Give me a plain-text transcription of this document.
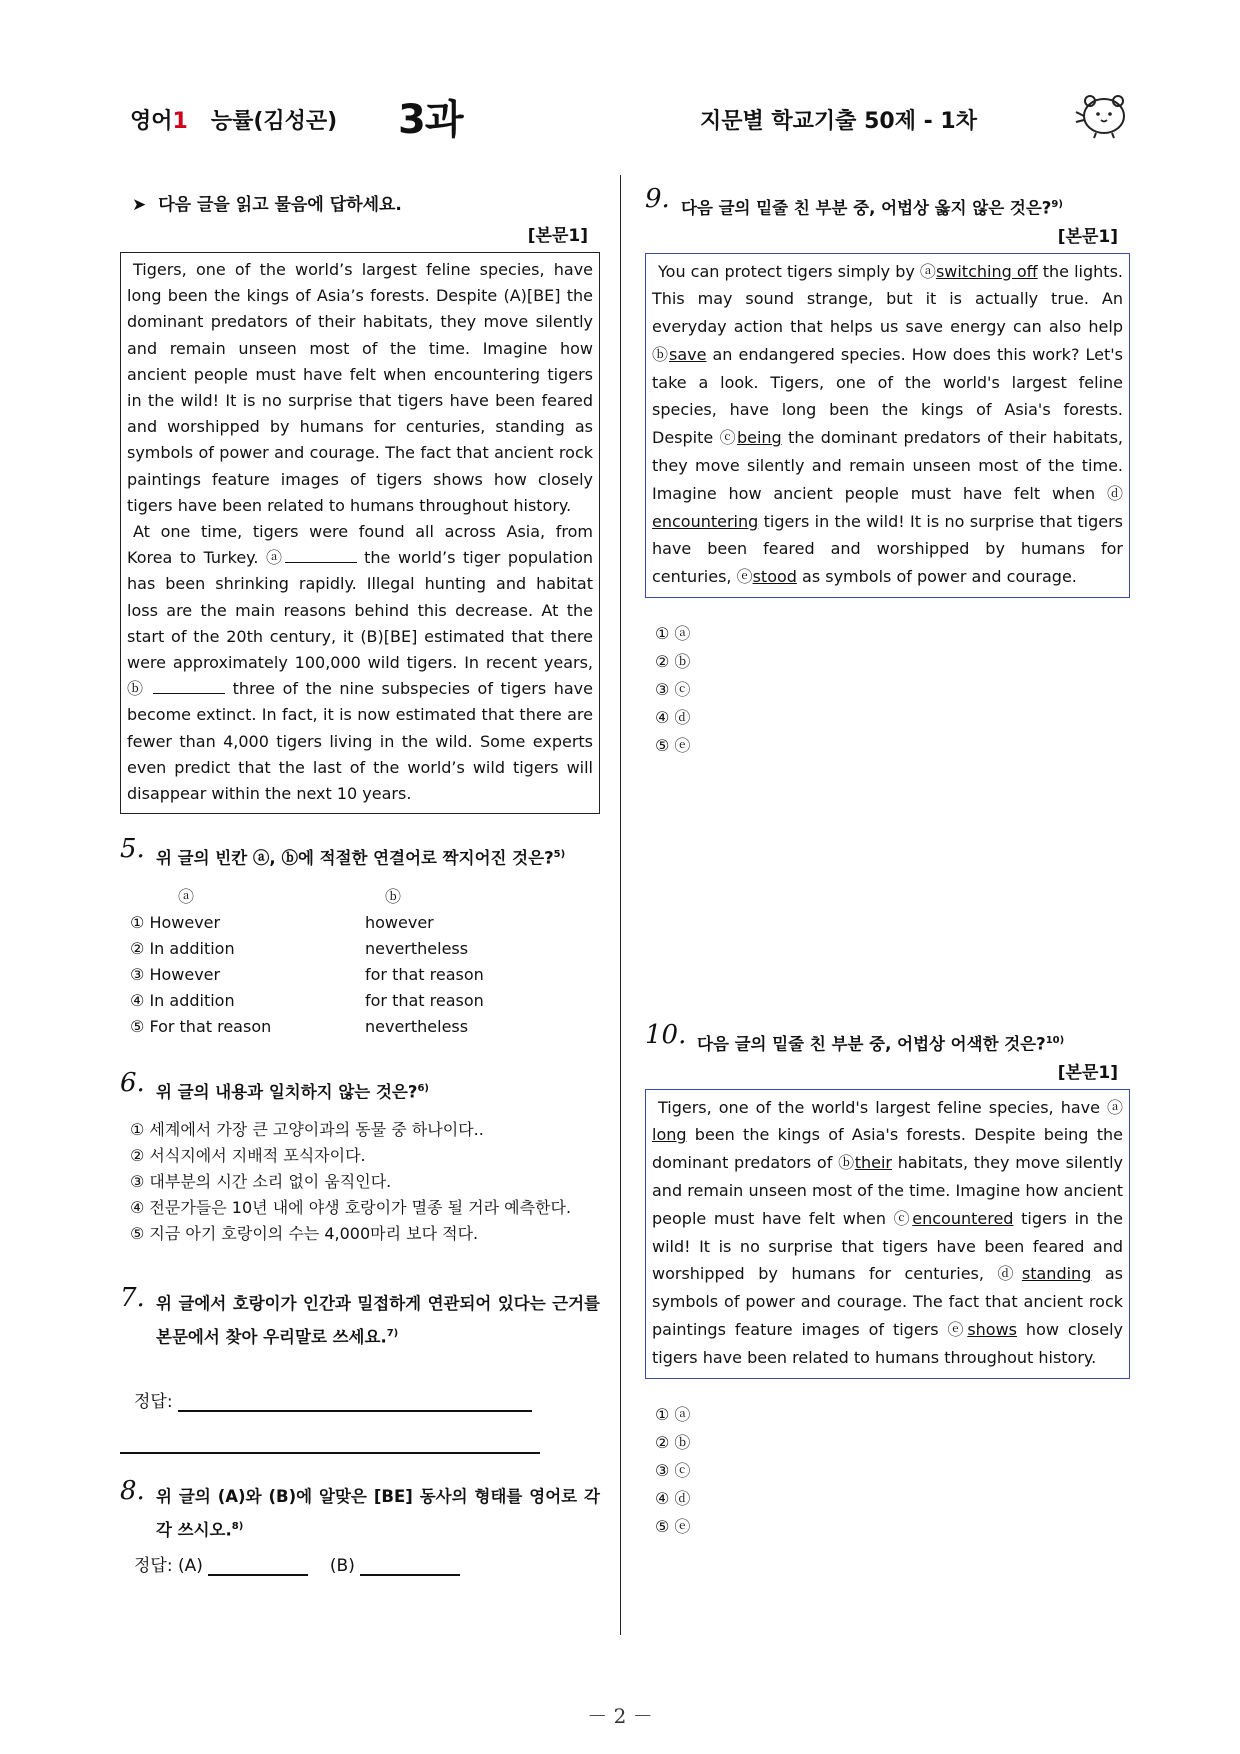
영어1 능률(김성곤) 3과	지문별 학교기출 50제 - 1차
➤ 다음 글을 읽고 물음에 답하세요.
[본문1]

Tigers, one of the world’s largest feline species, have long been the kings of Asia’s forests. Despite (A)[BE] the dominant predators of their habitats, they move silently and remain unseen most of the time. Imagine how ancient people must have felt when encountering tigers in the wild! It is no surprise that tigers have been feared and worshipped by humans for centuries, standing as symbols of power and courage. The fact that ancient rock paintings feature images of tigers shows how closely tigers have been related to humans throughout history.

At one time, tigers were found all across Asia, from Korea to Turkey. ⓐ	the world’s tiger population has been shrinking rapidly. Illegal hunting and habitat loss are the main reasons behind this decrease. At the start of the 20th century, it (B)[BE] estimated that there were approximately 100,000 wild tigers. In recent years, ⓑ	three of the nine subspecies of tigers have become extinct. In fact, it is now estimated that there are fewer than 4,000 tigers living in the wild. Some experts even predict that the last of the world’s wild tigers will disappear within the next 10 years.

5. 위 글의 빈칸 ⓐ, ⓑ에 적절한 연결어로 짝지어진 것은?$^{5)}$
ⓐ	ⓑ
① However	however
② In addition	nevertheless
③ However	for that reason
④ In addition	for that reason
⑤ For that reason	nevertheless
6. 위 글의 내용과 일치하지 않는 것은?$^{6)}$
① 세계에서 가장 큰 고양이과의 동물 중 하나이다..
② 서식지에서 지배적 포식자이다.
③ 대부분의 시간 소리 없이 움직인다.
④ 전문가들은 10년 내에 야생 호랑이가 멸종 될 거라 예측한다.
⑤ 지금 아기 호랑이의 수는 4,000마리 보다 적다.
7. 위 글에서 호랑이가 인간과 밀접하게 연관되어 있다는 근거를 본문에서 찾아 우리말로 쓰세요.$^{7)}$
정답:
8. 위 글의 (A)와 (B)에 알맞은 [BE] 동사의 형태를 영어로 각각 쓰시오.$^{8)}$
정답: (A)	(B)
9. 다음 글의 밑줄 친 부분 중, 어법상 옳지 않은 것은?$^{9)}$
[본문1]

You can protect tigers simply by ⓐswitching off the lights. This may sound strange, but it is actually true. An everyday action that helps us save energy can also help ⓑsave an endangered species. How does this work? Let's take a look. Tigers, one of the world's largest feline species, have long been the kings of Asia's forests. Despite ⓒbeing the dominant predators of their habitats, they move silently and remain unseen most of the time. Imagine how ancient people must have felt when ⓓ encountering tigers in the wild! It is no surprise that tigers have been feared and worshipped by humans for centuries, ⓔstood as symbols of power and courage.

① ⓐ
② ⓑ
③ ⓒ
④ ⓓ
⑤ ⓔ
10. 다음 글의 밑줄 친 부분 중, 어법상 어색한 것은?$^{10)}$
[본문1]

Tigers, one of the world's largest feline species, have ⓐ long been the kings of Asia's forests. Despite being the dominant predators of ⓑtheir habitats, they move silently and remain unseen most of the time. Imagine how ancient people must have felt when ⓒencountered tigers in the wild! It is no surprise that tigers have been feared and worshipped by humans for centuries, ⓓstanding as symbols of power and courage. The fact that ancient rock paintings feature images of tigers ⓔshows how closely tigers have been related to humans throughout history.

① ⓐ
② ⓑ
③ ⓒ
④ ⓓ
⑤ ⓔ
－ 2 －
